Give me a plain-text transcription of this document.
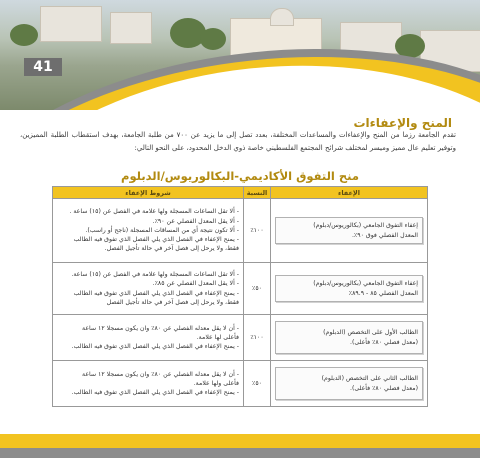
41
المنح والإعفاءات
تقدم الجامعة رزما من المنح والإعفاءات والمساعدات المختلفة، بعدد تصل إلى ما يزيد عن ٧٠٠ من طلبة الجامعة، بهدف استقطاب الطلبة المميزين، وتوفير تعليم عال مميز وميسر لمختلف شرائح المجتمع الفلسطيني خاصة ذوي الدخل المحدود، على النحو التالي:
منح التفوق الأكاديمي-البكالوريوس/الدبلوم
الإعفاء	النسبة	شروط الإعفاء

إعفاء التفوق الجامعي (بكالوريوس/دبلوم)
المعدل الفصلي فوق ٩٠٪.	١٠٠٪	- ألا تقل الساعات المسجلة ولها علامة في الفصل عن (١٥) ساعة .
- ألا يقل المعدل الفصلي عن ٩٠٪.
- ألا تكون نتيجة أي من المساقات المسجلة (ناجح أو راسب).
- يمنح الإعفاء في الفصل الذي يلي الفصل الذي تفوق فيه الطالب
فقط، ولا يرحل إلى فصل آخر في حالة تأجيل الفصل.

إعفاء التفوق الجامعي (بكالوريوس/دبلوم)
المعدل الفصلي ٨٥ - ٨٩.٩٪	٥٠٪	- ألا تقل الساعات المسجلة ولها علامة في الفصل عن (١٥) ساعة.
- ألا يقل المعدل الفصلي عن ٨٥٪.
- يمنح الإعفاء في الفصل الذي يلي الفصل الذي تفوق فيه الطالب
فقط، ولا يرحل إلى فصل آخر في حالة تأجيل الفصل

الطالب الأول على التخصص (الدبلوم)
(معدل فصلي ٨٠٪ فأعلى).	١٠٠٪	- أن لا يقل معدله الفصلي عن ٨٠٪ وان يكون مسجلا ١٢ ساعة
فأعلى لها علامة.
- يمنح الإعفاء في الفصل الذي يلي الفصل الذي تفوق فيه الطالب.

الطالب الثاني على التخصص (الدبلوم)
(معدل فصلي ٨٠٪ فأعلى).	٥٠٪	- أن لا يقل معدله الفصلي عن ٨٠٪ وان يكون مسجلا ١٢ ساعة
فأعلى ولها علامة.
- يمنح الإعفاء في الفصل الذي يلي الفصل الذي تفوق فيه الطالب.
